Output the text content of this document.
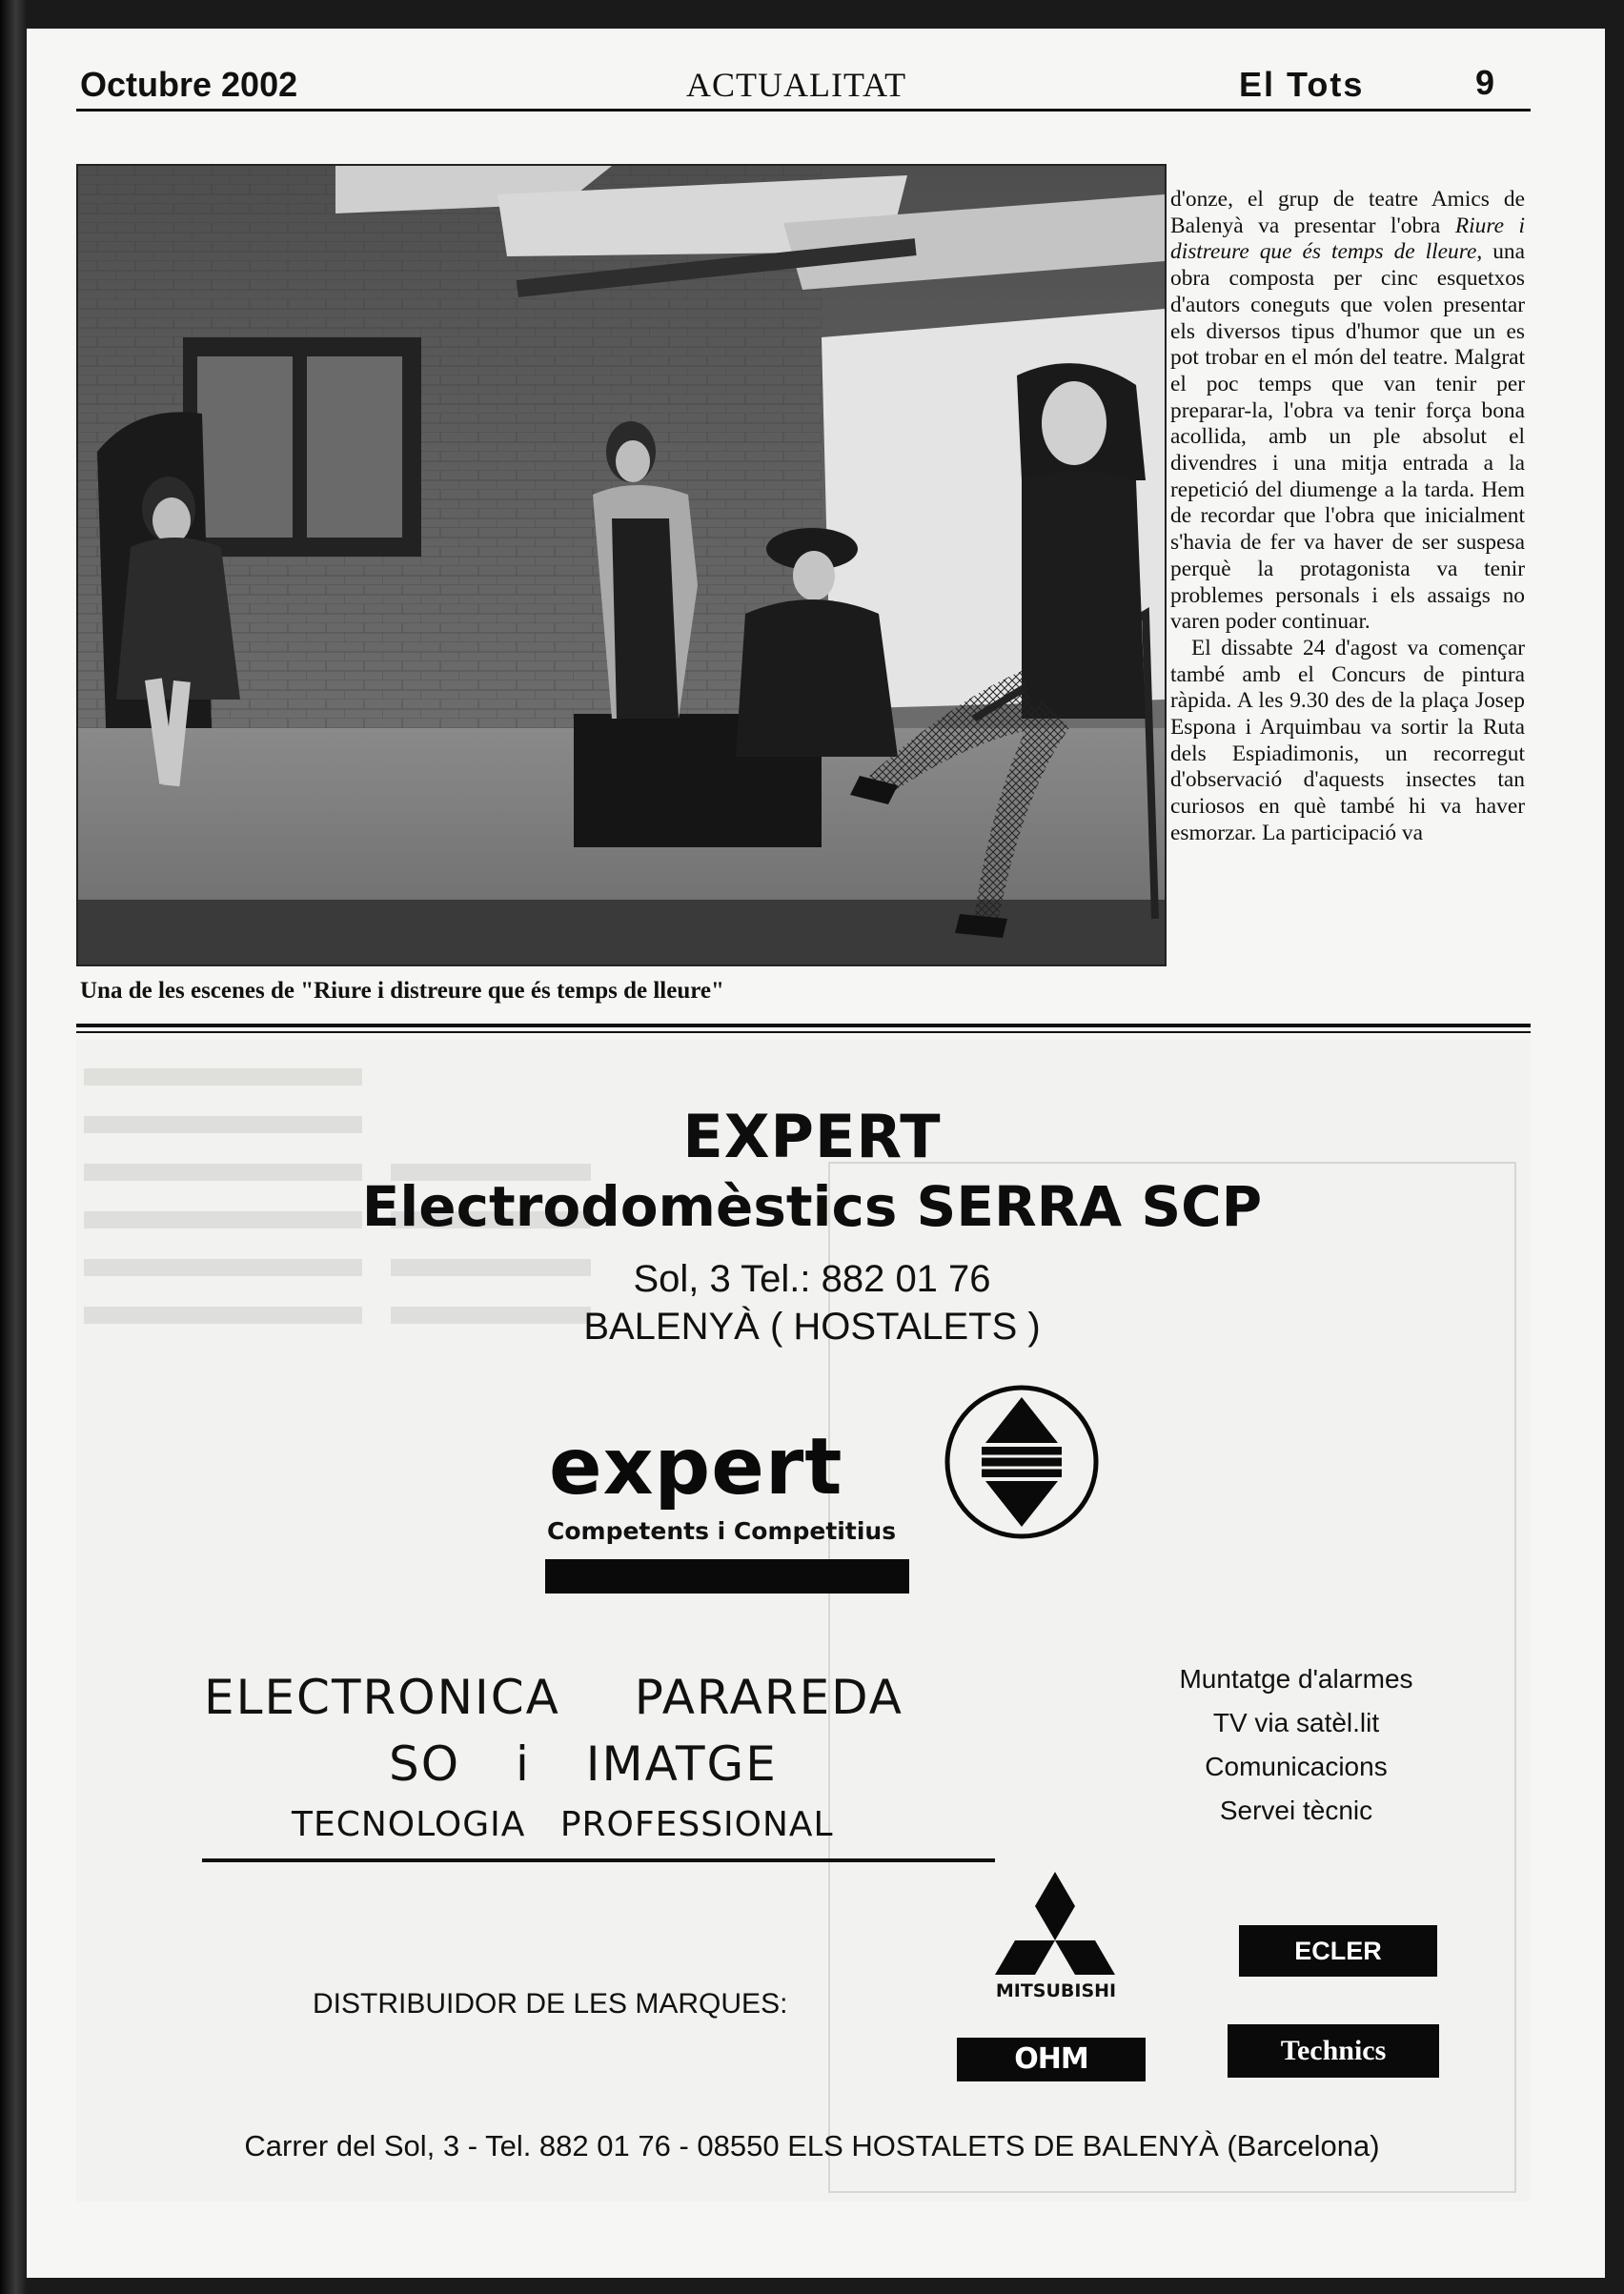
Octubre 2002	ACTUALITAT	El Tots	9
Una de les escenes de "Riure i distreure que és temps de lleure"

d'onze, el grup de teatre Amics de Balenyà va presentar l'obra Riure i distreure que és temps de lleure, una obra composta per cinc esquetxos d'autors coneguts que volen presentar els diversos tipus d'humor que un es pot trobar en el món del teatre. Malgrat el poc temps que van tenir per preparar-la, l'obra va tenir força bona acollida, amb un ple absolut el divendres i una mitja entrada a la repetició del diumenge a la tarda. Hem de recordar que l'obra que inicialment s'havia de fer va haver de ser suspesa perquè la protagonista va tenir problemes personals i els assaigs no varen poder continuar.

El dissabte 24 d'agost va començar també amb el Concurs de pintura ràpida. A les 9.30 des de la plaça Josep Espona i Arquimbau va sortir la Ruta dels Espiadimonis, un recorregut d'observació d'aquests insectes tan curiosos en què també hi va haver esmorzar. La participació va

EXPERT
Electrodomèstics SERRA SCP
Sol, 3 Tel.: 882 01 76
BALENYÀ ( HOSTALETS )
expert
Competents i Competitius
ELECTRONICA PARAREDA
SO i IMATGE
TECNOLOGIA PROFESSIONAL
Muntatge d'alarmes
TV via satèl.lit
Comunicacions
Servei tècnic
DISTRIBUIDOR DE LES MARQUES:	MITSUBISHI
OHM
ECLER
Technics
Carrer del Sol, 3 - Tel. 882 01 76 - 08550 ELS HOSTALETS DE BALENYÀ (Barcelona)
